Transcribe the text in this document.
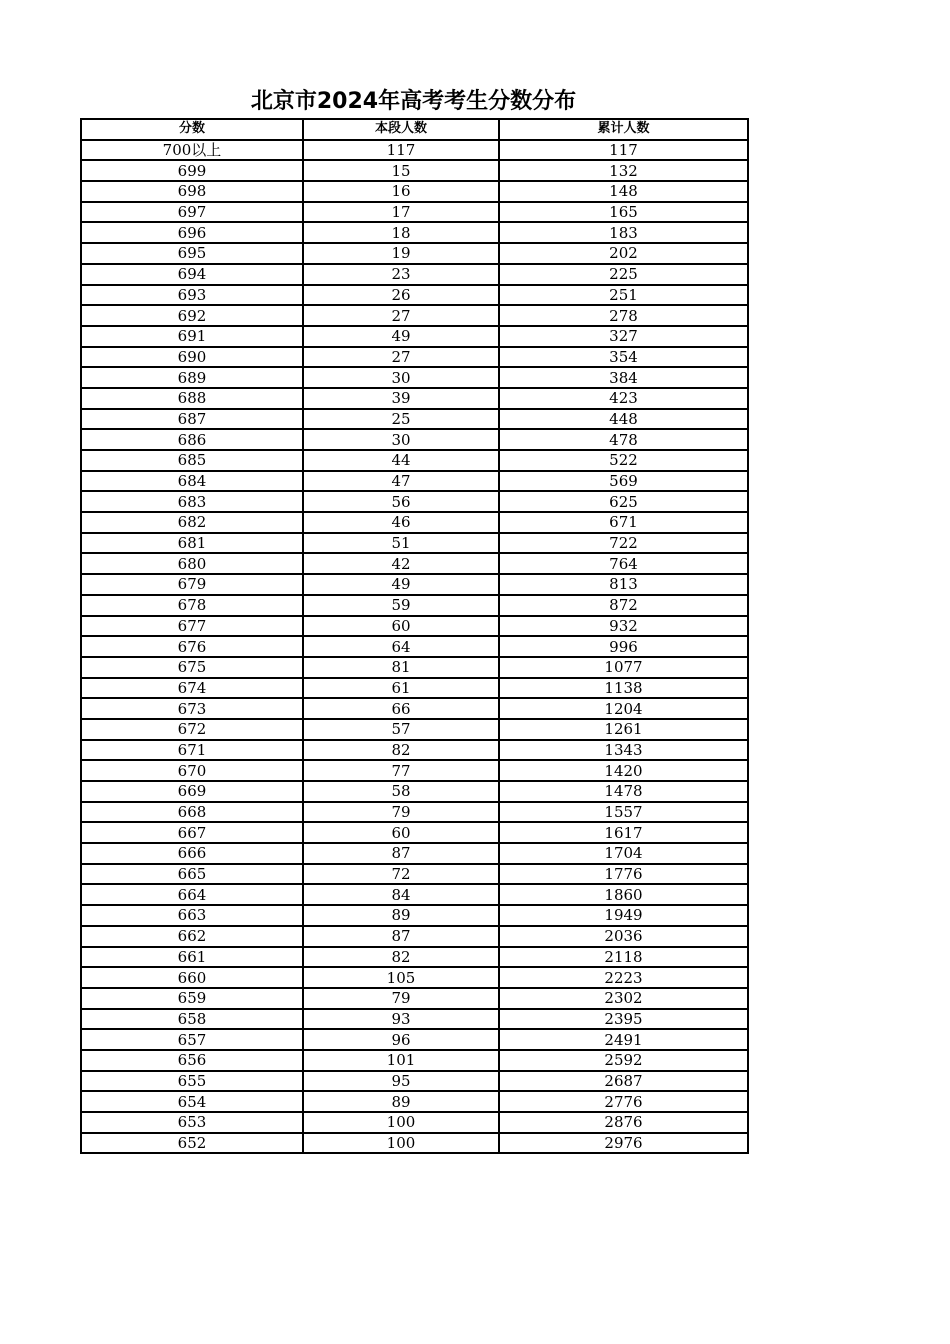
北京市2024年高考考生分数分布
分数	本段人数	累计人数
700以上	117	117
699	15	132
698	16	148
697	17	165
696	18	183
695	19	202
694	23	225
693	26	251
692	27	278
691	49	327
690	27	354
689	30	384
688	39	423
687	25	448
686	30	478
685	44	522
684	47	569
683	56	625
682	46	671
681	51	722
680	42	764
679	49	813
678	59	872
677	60	932
676	64	996
675	81	1077
674	61	1138
673	66	1204
672	57	1261
671	82	1343
670	77	1420
669	58	1478
668	79	1557
667	60	1617
666	87	1704
665	72	1776
664	84	1860
663	89	1949
662	87	2036
661	82	2118
660	105	2223
659	79	2302
658	93	2395
657	96	2491
656	101	2592
655	95	2687
654	89	2776
653	100	2876
652	100	2976
